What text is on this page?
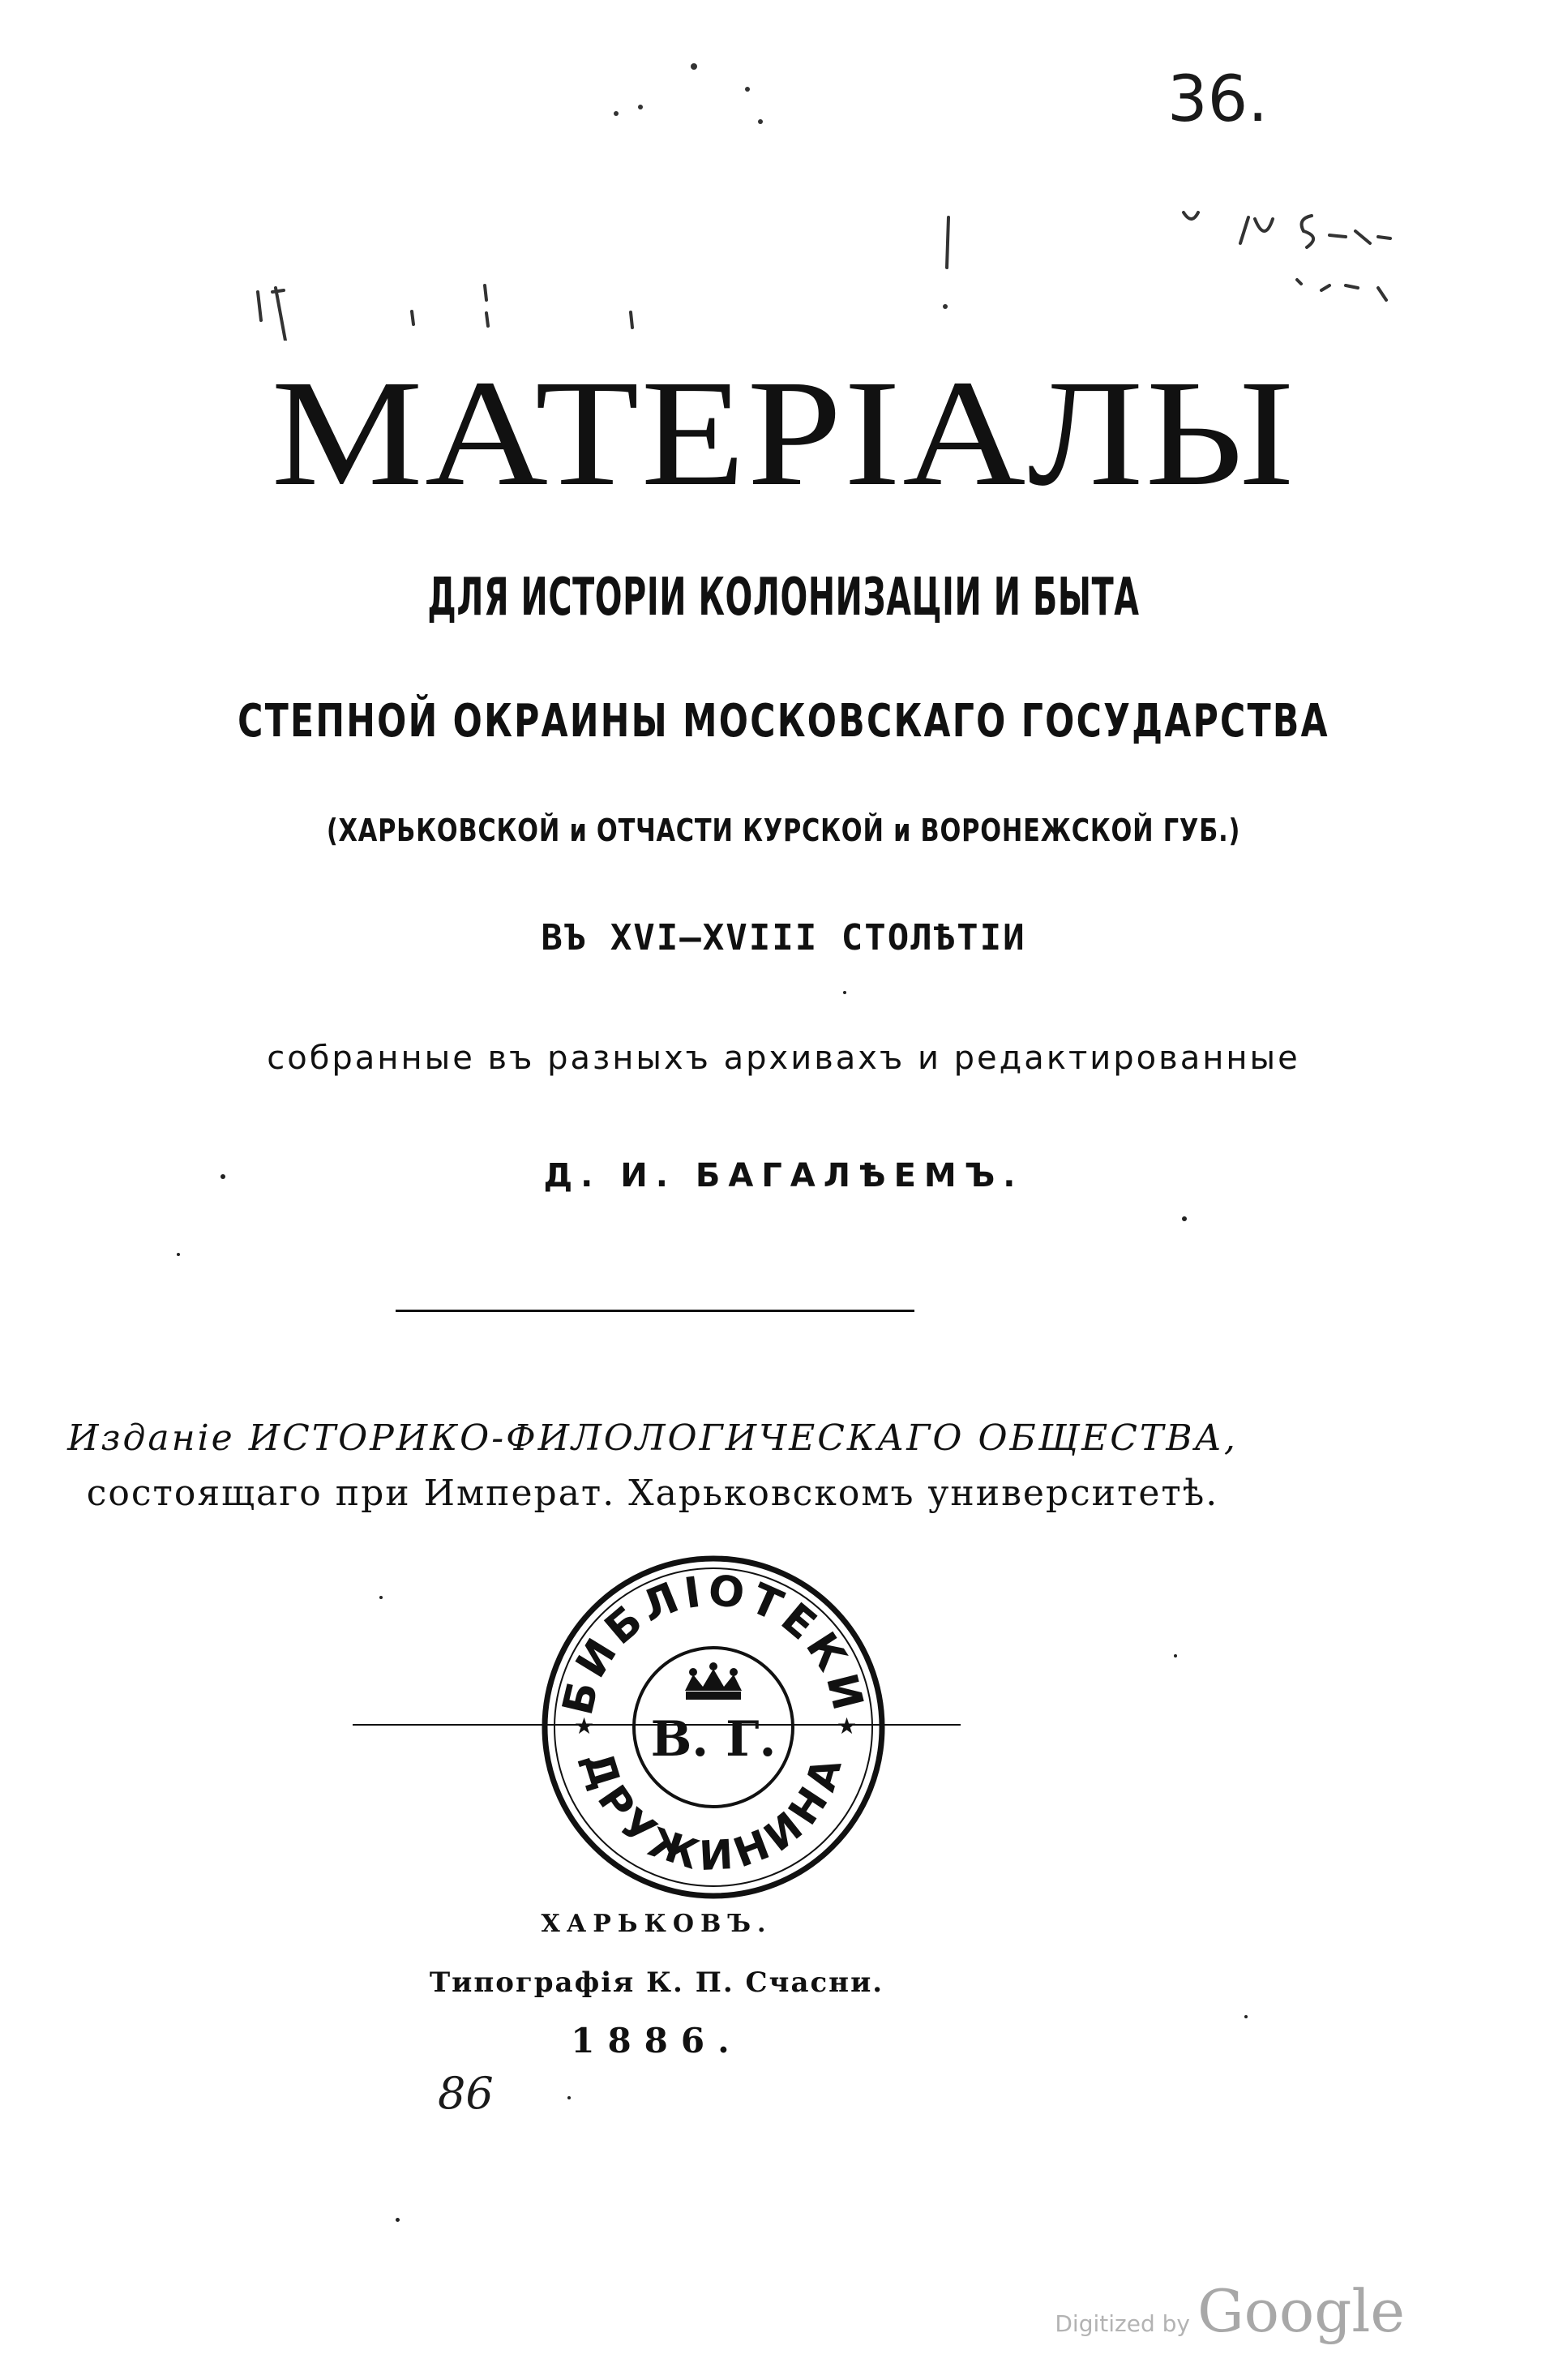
36.
МАТЕРІАЛЫ
ДЛЯ ИСТОРІИ КОЛОНИЗАЦІИ И БЫТА
СТЕПНОЙ ОКРАИНЫ МОСКОВСКАГО ГОСУДАРСТВА
(ХАРЬКОВСКОЙ и ОТЧАСТИ КУРСКОЙ и ВОРОНЕЖСКОЙ ГУБ.)
ВЪ XVI—XVIII СТОЛѢТІИ
собранные въ разныхъ архивахъ и редактированные
Д. И. БАГАЛѢЕМЪ.
Изданіе ИСТОРИКО-ФИЛОЛОГИЧЕСКАГО ОБЩЕСТВА,
состоящаго при Императ. Харьковскомъ университетѣ.
БИБЛІОТЕКИ
ДРУЖИНИНА
В. Г.
★	★
ХАРЬКОВЪ.
Типографія К. П. Счасни.
1886.
86
Digitized by Google
